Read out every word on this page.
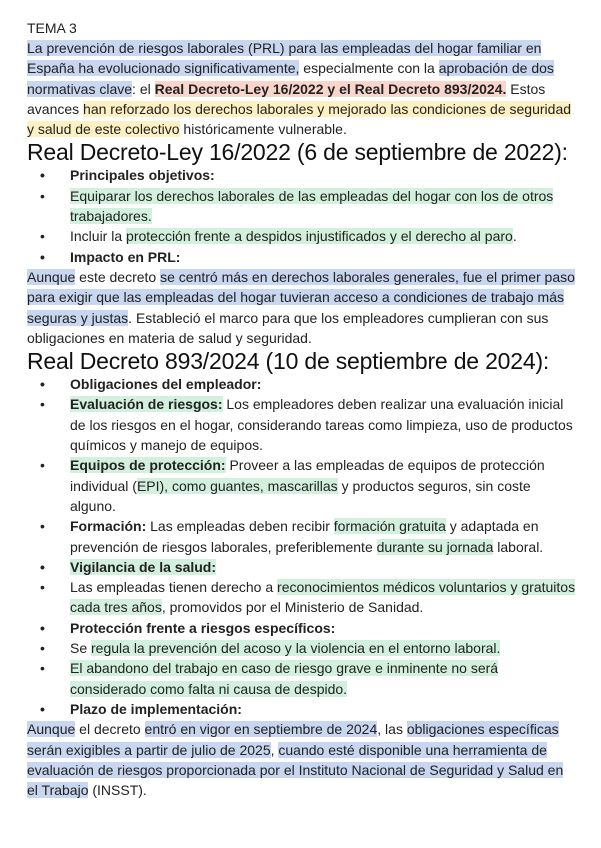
TEMA 3

La prevención de riesgos laborales (PRL) para las empleadas del hogar familiar en España ha evolucionado significativamente, especialmente con la aprobación de dos normativas clave: el Real Decreto-Ley 16/2022 y el Real Decreto 893/2024. Estos avances han reforzado los derechos laborales y mejorado las condiciones de seguridad y salud de este colectivo históricamente vulnerable.

Real Decreto-Ley 16/2022 (6 de septiembre de 2022):
• Principales objetivos:
• Equiparar los derechos laborales de las empleadas del hogar con los de otros trabajadores.
• Incluir la protección frente a despidos injustificados y el derecho al paro.
• Impacto en PRL:

Aunque este decreto se centró más en derechos laborales generales, fue el primer paso para exigir que las empleadas del hogar tuvieran acceso a condiciones de trabajo más seguras y justas. Estableció el marco para que los empleadores cumplieran con sus obligaciones en materia de salud y seguridad.

Real Decreto 893/2024 (10 de septiembre de 2024):
• Obligaciones del empleador:
• Evaluación de riesgos: Los empleadores deben realizar una evaluación inicial de los riesgos en el hogar, considerando tareas como limpieza, uso de productos químicos y manejo de equipos.
• Equipos de protección: Proveer a las empleadas de equipos de protección individual (EPI), como guantes, mascarillas y productos seguros, sin coste alguno.
• Formación: Las empleadas deben recibir formación gratuita y adaptada en prevención de riesgos laborales, preferiblemente durante su jornada laboral.
• Vigilancia de la salud:
• Las empleadas tienen derecho a reconocimientos médicos voluntarios y gratuitos cada tres años, promovidos por el Ministerio de Sanidad.
• Protección frente a riesgos específicos:
• Se regula la prevención del acoso y la violencia en el entorno laboral.
• El abandono del trabajo en caso de riesgo grave e inminente no será considerado como falta ni causa de despido.
• Plazo de implementación:

Aunque el decreto entró en vigor en septiembre de 2024, las obligaciones específicas serán exigibles a partir de julio de 2025, cuando esté disponible una herramienta de evaluación de riesgos proporcionada por el Instituto Nacional de Seguridad y Salud en el Trabajo (INSST).
